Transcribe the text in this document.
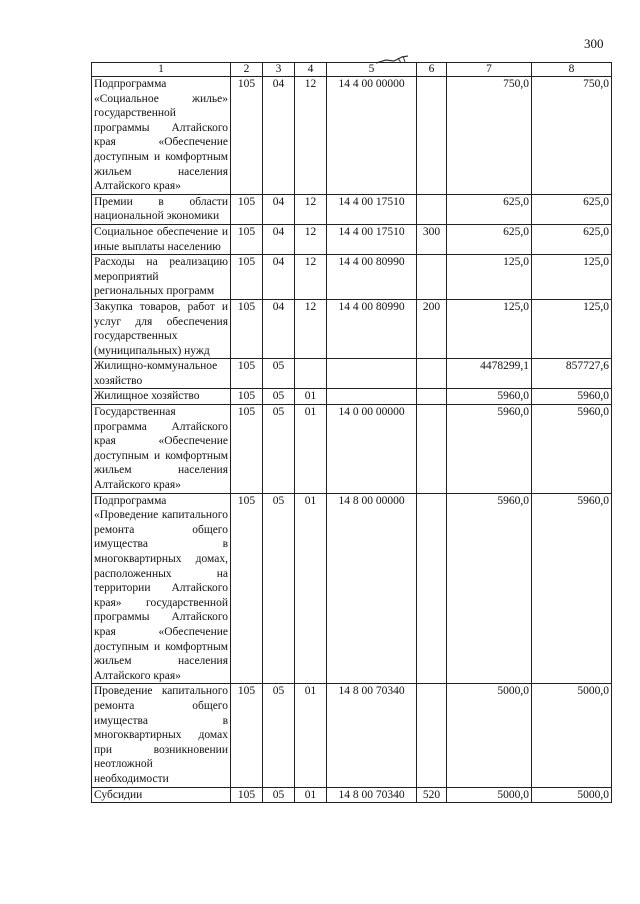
300
1	2	3	4	5	6	7	8
Подпрограмма «Социальное жилье» государственной программы Алтайского края «Обеспечение доступным и комфортным жильем населения Алтайского края»	105	04	12	14 4 00 00000		750,0	750,0
Премии в области национальной экономики	105	04	12	14 4 00 17510		625,0	625,0
Социальное обеспечение и иные выплаты населению	105	04	12	14 4 00 17510	300	625,0	625,0
Расходы на реализацию мероприятий региональных программ	105	04	12	14 4 00 80990		125,0	125,0
Закупка товаров, работ и услуг для обеспечения государственных (муниципальных) нужд	105	04	12	14 4 00 80990	200	125,0	125,0
Жилищно-коммунальное хозяйство	105	05				4478299,1	857727,6
Жилищное хозяйство	105	05	01			5960,0	5960,0
Государственная программа Алтайского края «Обеспечение доступным и комфортным жильем населения Алтайского края»	105	05	01	14 0 00 00000		5960,0	5960,0
Подпрограмма «Проведение капитального ремонта общего имущества в многоквартирных домах, расположенных на территории Алтайского края» государственной программы Алтайского края «Обеспечение доступным и комфортным жильем населения Алтайского края»	105	05	01	14 8 00 00000		5960,0	5960,0
Проведение капитального ремонта общего имущества в многоквартирных домах при возникновении неотложной необходимости	105	05	01	14 8 00 70340		5000,0	5000,0
Субсидии	105	05	01	14 8 00 70340	520	5000,0	5000,0
